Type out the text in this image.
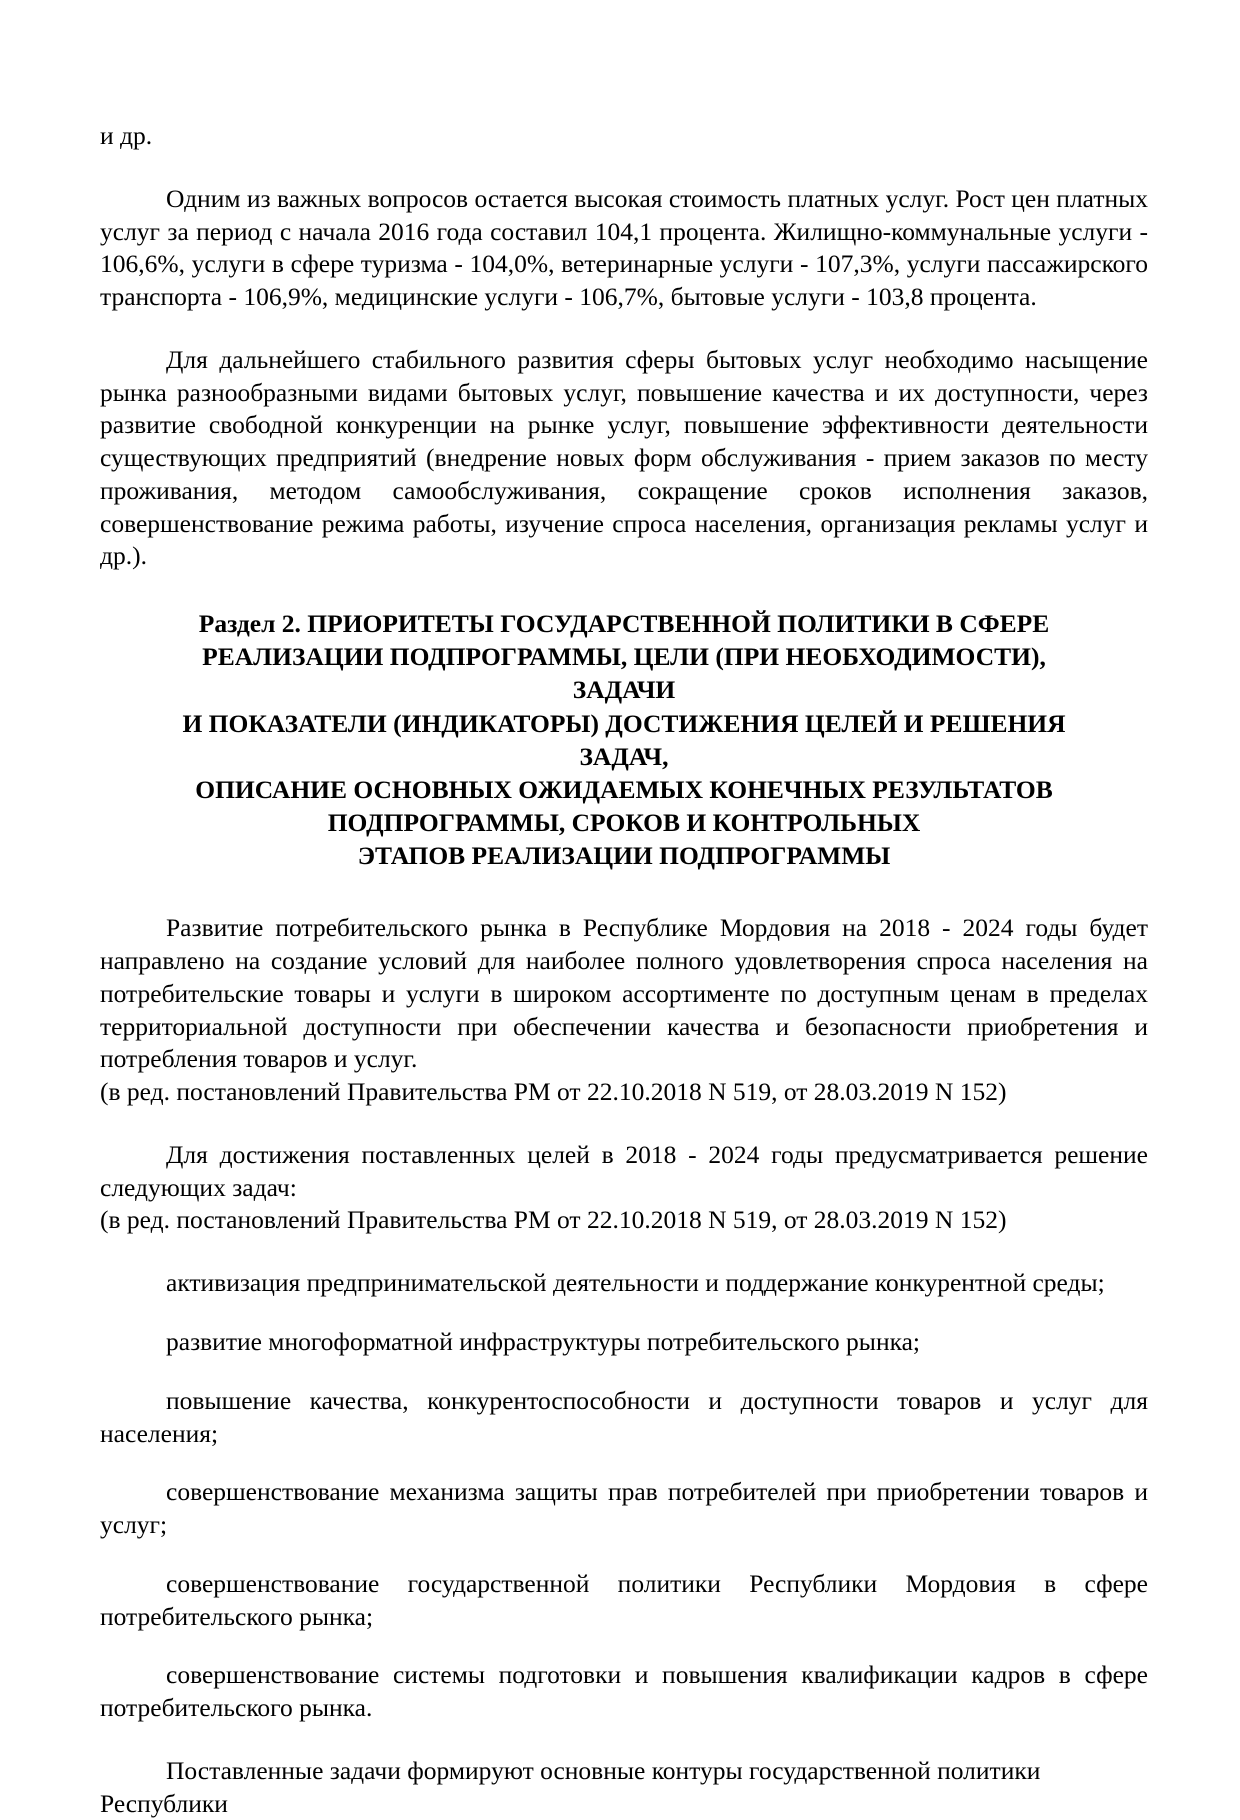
и др.

Одним из важных вопросов остается высокая стоимость платных услуг. Рост цен платных услуг за период с начала 2016 года составил 104,1 процента. Жилищно-коммунальные услуги - 106,6%, услуги в сфере туризма - 104,0%, ветеринарные услуги - 107,3%, услуги пассажирского транспорта - 106,9%, медицинские услуги - 106,7%, бытовые услуги - 103,8 процента.

Для дальнейшего стабильного развития сферы бытовых услуг необходимо насыщение рынка разнообразными видами бытовых услуг, повышение качества и их доступности, через развитие свободной конкуренции на рынке услуг, повышение эффективности деятельности существующих предприятий (внедрение новых форм обслуживания - прием заказов по месту проживания, методом самообслуживания, сокращение сроков исполнения заказов, совершенствование режима работы, изучение спроса населения, организация рекламы услуг и др.).

Раздел 2. ПРИОРИТЕТЫ ГОСУДАРСТВЕННОЙ ПОЛИТИКИ В СФЕРЕ
РЕАЛИЗАЦИИ ПОДПРОГРАММЫ, ЦЕЛИ (ПРИ НЕОБХОДИМОСТИ),
ЗАДАЧИ
И ПОКАЗАТЕЛИ (ИНДИКАТОРЫ) ДОСТИЖЕНИЯ ЦЕЛЕЙ И РЕШЕНИЯ
ЗАДАЧ,
ОПИСАНИЕ ОСНОВНЫХ ОЖИДАЕМЫХ КОНЕЧНЫХ РЕЗУЛЬТАТОВ
ПОДПРОГРАММЫ, СРОКОВ И КОНТРОЛЬНЫХ
ЭТАПОВ РЕАЛИЗАЦИИ ПОДПРОГРАММЫ

Развитие потребительского рынка в Республике Мордовия на 2018 - 2024 годы будет направлено на создание условий для наиболее полного удовлетворения спроса населения на потребительские товары и услуги в широком ассортименте по доступным ценам в пределах территориальной доступности при обеспечении качества и безопасности приобретения и потребления товаров и услуг.

(в ред. постановлений Правительства РМ от 22.10.2018 N 519, от 28.03.2019 N 152)

Для достижения поставленных целей в 2018 - 2024 годы предусматривается решение следующих задач:

(в ред. постановлений Правительства РМ от 22.10.2018 N 519, от 28.03.2019 N 152)

активизация предпринимательской деятельности и поддержание конкурентной среды;

развитие многоформатной инфраструктуры потребительского рынка;

повышение качества, конкурентоспособности и доступности товаров и услуг для населения;

совершенствование механизма защиты прав потребителей при приобретении товаров и услуг;

совершенствование государственной политики Республики Мордовия в сфере потребительского рынка;

совершенствование системы подготовки и повышения квалификации кадров в сфере потребительского рынка.

Поставленные задачи формируют основные контуры государственной политики Республики
